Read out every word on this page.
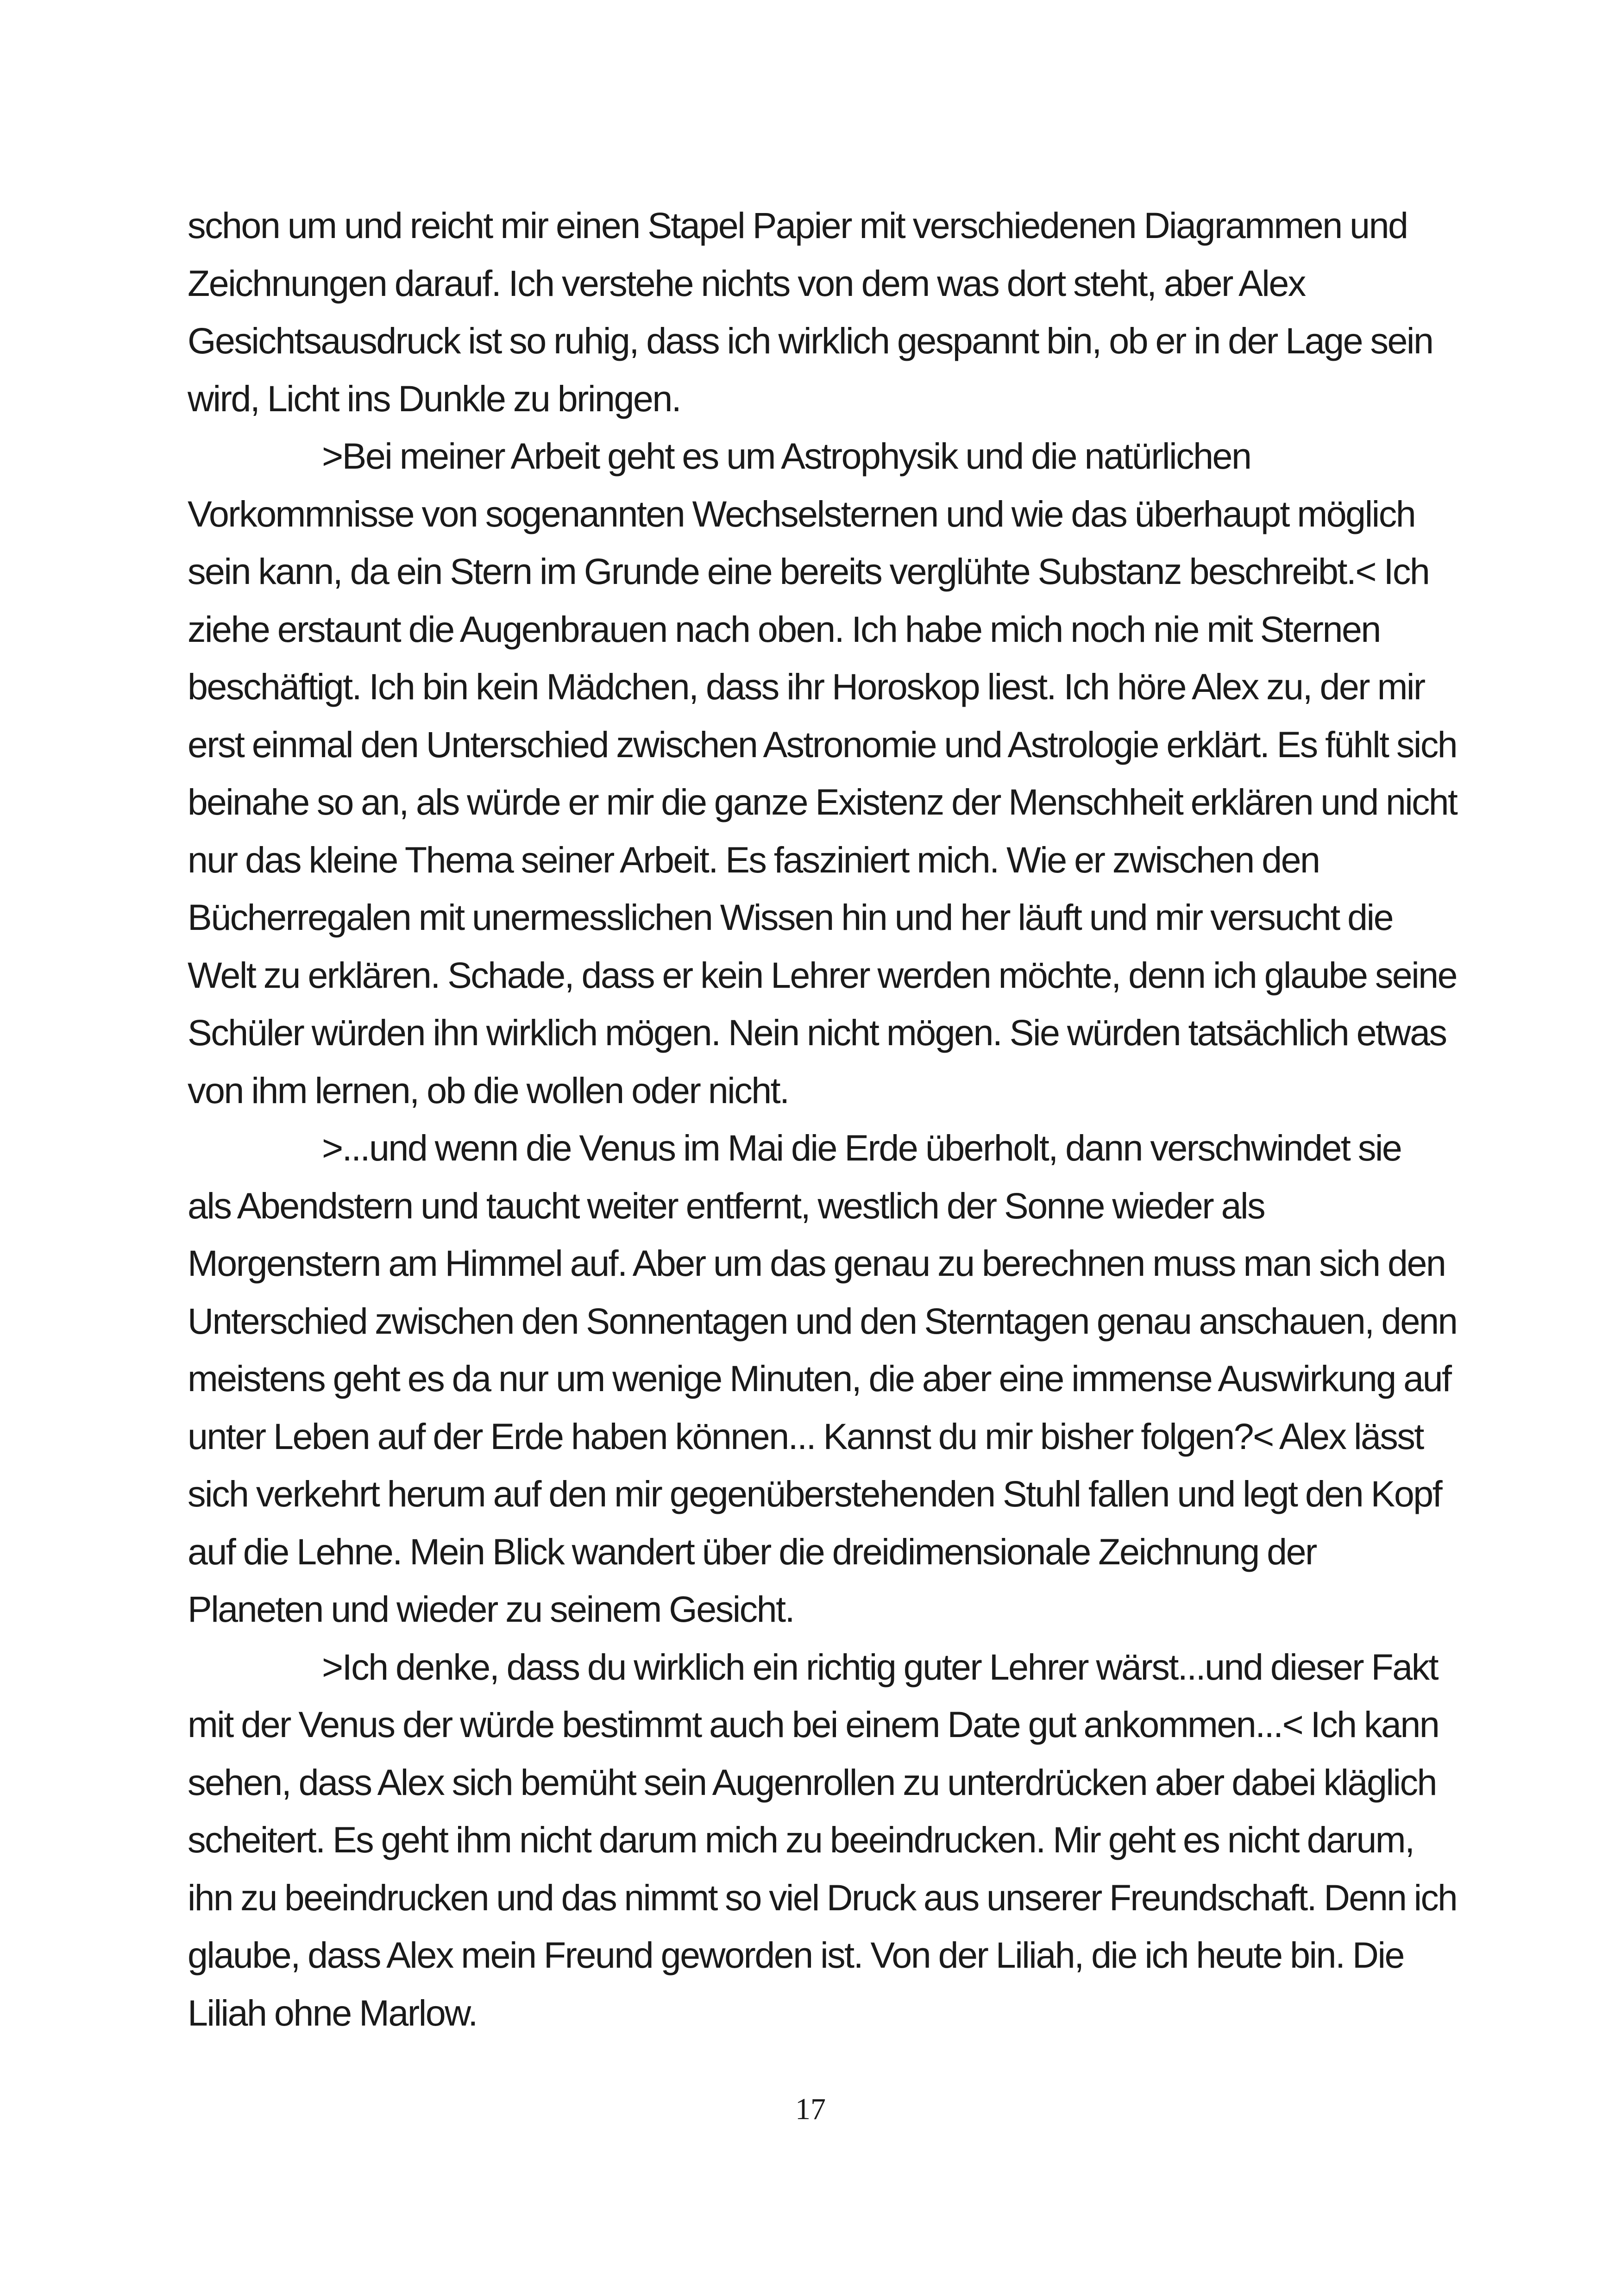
schon um und reicht mir einen Stapel Papier mit verschiedenen Diagrammen und
Zeichnungen darauf. Ich verstehe nichts von dem was dort steht, aber Alex
Gesichtsausdruck ist so ruhig, dass ich wirklich gespannt bin, ob er in der Lage sein
wird, Licht ins Dunkle zu bringen.
>Bei meiner Arbeit geht es um Astrophysik und die natürlichen
Vorkommnisse von sogenannten Wechselsternen und wie das überhaupt möglich
sein kann, da ein Stern im Grunde eine bereits verglühte Substanz beschreibt.< Ich
ziehe erstaunt die Augenbrauen nach oben. Ich habe mich noch nie mit Sternen
beschäftigt. Ich bin kein Mädchen, dass ihr Horoskop liest. Ich höre Alex zu, der mir
erst einmal den Unterschied zwischen Astronomie und Astrologie erklärt. Es fühlt sich
beinahe so an, als würde er mir die ganze Existenz der Menschheit erklären und nicht
nur das kleine Thema seiner Arbeit. Es fasziniert mich. Wie er zwischen den
Bücherregalen mit unermesslichen Wissen hin und her läuft und mir versucht die
Welt zu erklären. Schade, dass er kein Lehrer werden möchte, denn ich glaube seine
Schüler würden ihn wirklich mögen. Nein nicht mögen. Sie würden tatsächlich etwas
von ihm lernen, ob die wollen oder nicht.
>...und wenn die Venus im Mai die Erde überholt, dann verschwindet sie
als Abendstern und taucht weiter entfernt, westlich der Sonne wieder als
Morgenstern am Himmel auf. Aber um das genau zu berechnen muss man sich den
Unterschied zwischen den Sonnentagen und den Sterntagen genau anschauen, denn
meistens geht es da nur um wenige Minuten, die aber eine immense Auswirkung auf
unter Leben auf der Erde haben können... Kannst du mir bisher folgen?< Alex lässt
sich verkehrt herum auf den mir gegenüberstehenden Stuhl fallen und legt den Kopf
auf die Lehne. Mein Blick wandert über die dreidimensionale Zeichnung der
Planeten und wieder zu seinem Gesicht.
>Ich denke, dass du wirklich ein richtig guter Lehrer wärst...und dieser Fakt
mit der Venus der würde bestimmt auch bei einem Date gut ankommen...< Ich kann
sehen, dass Alex sich bemüht sein Augenrollen zu unterdrücken aber dabei kläglich
scheitert. Es geht ihm nicht darum mich zu beeindrucken. Mir geht es nicht darum,
ihn zu beeindrucken und das nimmt so viel Druck aus unserer Freundschaft. Denn ich
glaube, dass Alex mein Freund geworden ist. Von der Liliah, die ich heute bin. Die
Liliah ohne Marlow.
17
